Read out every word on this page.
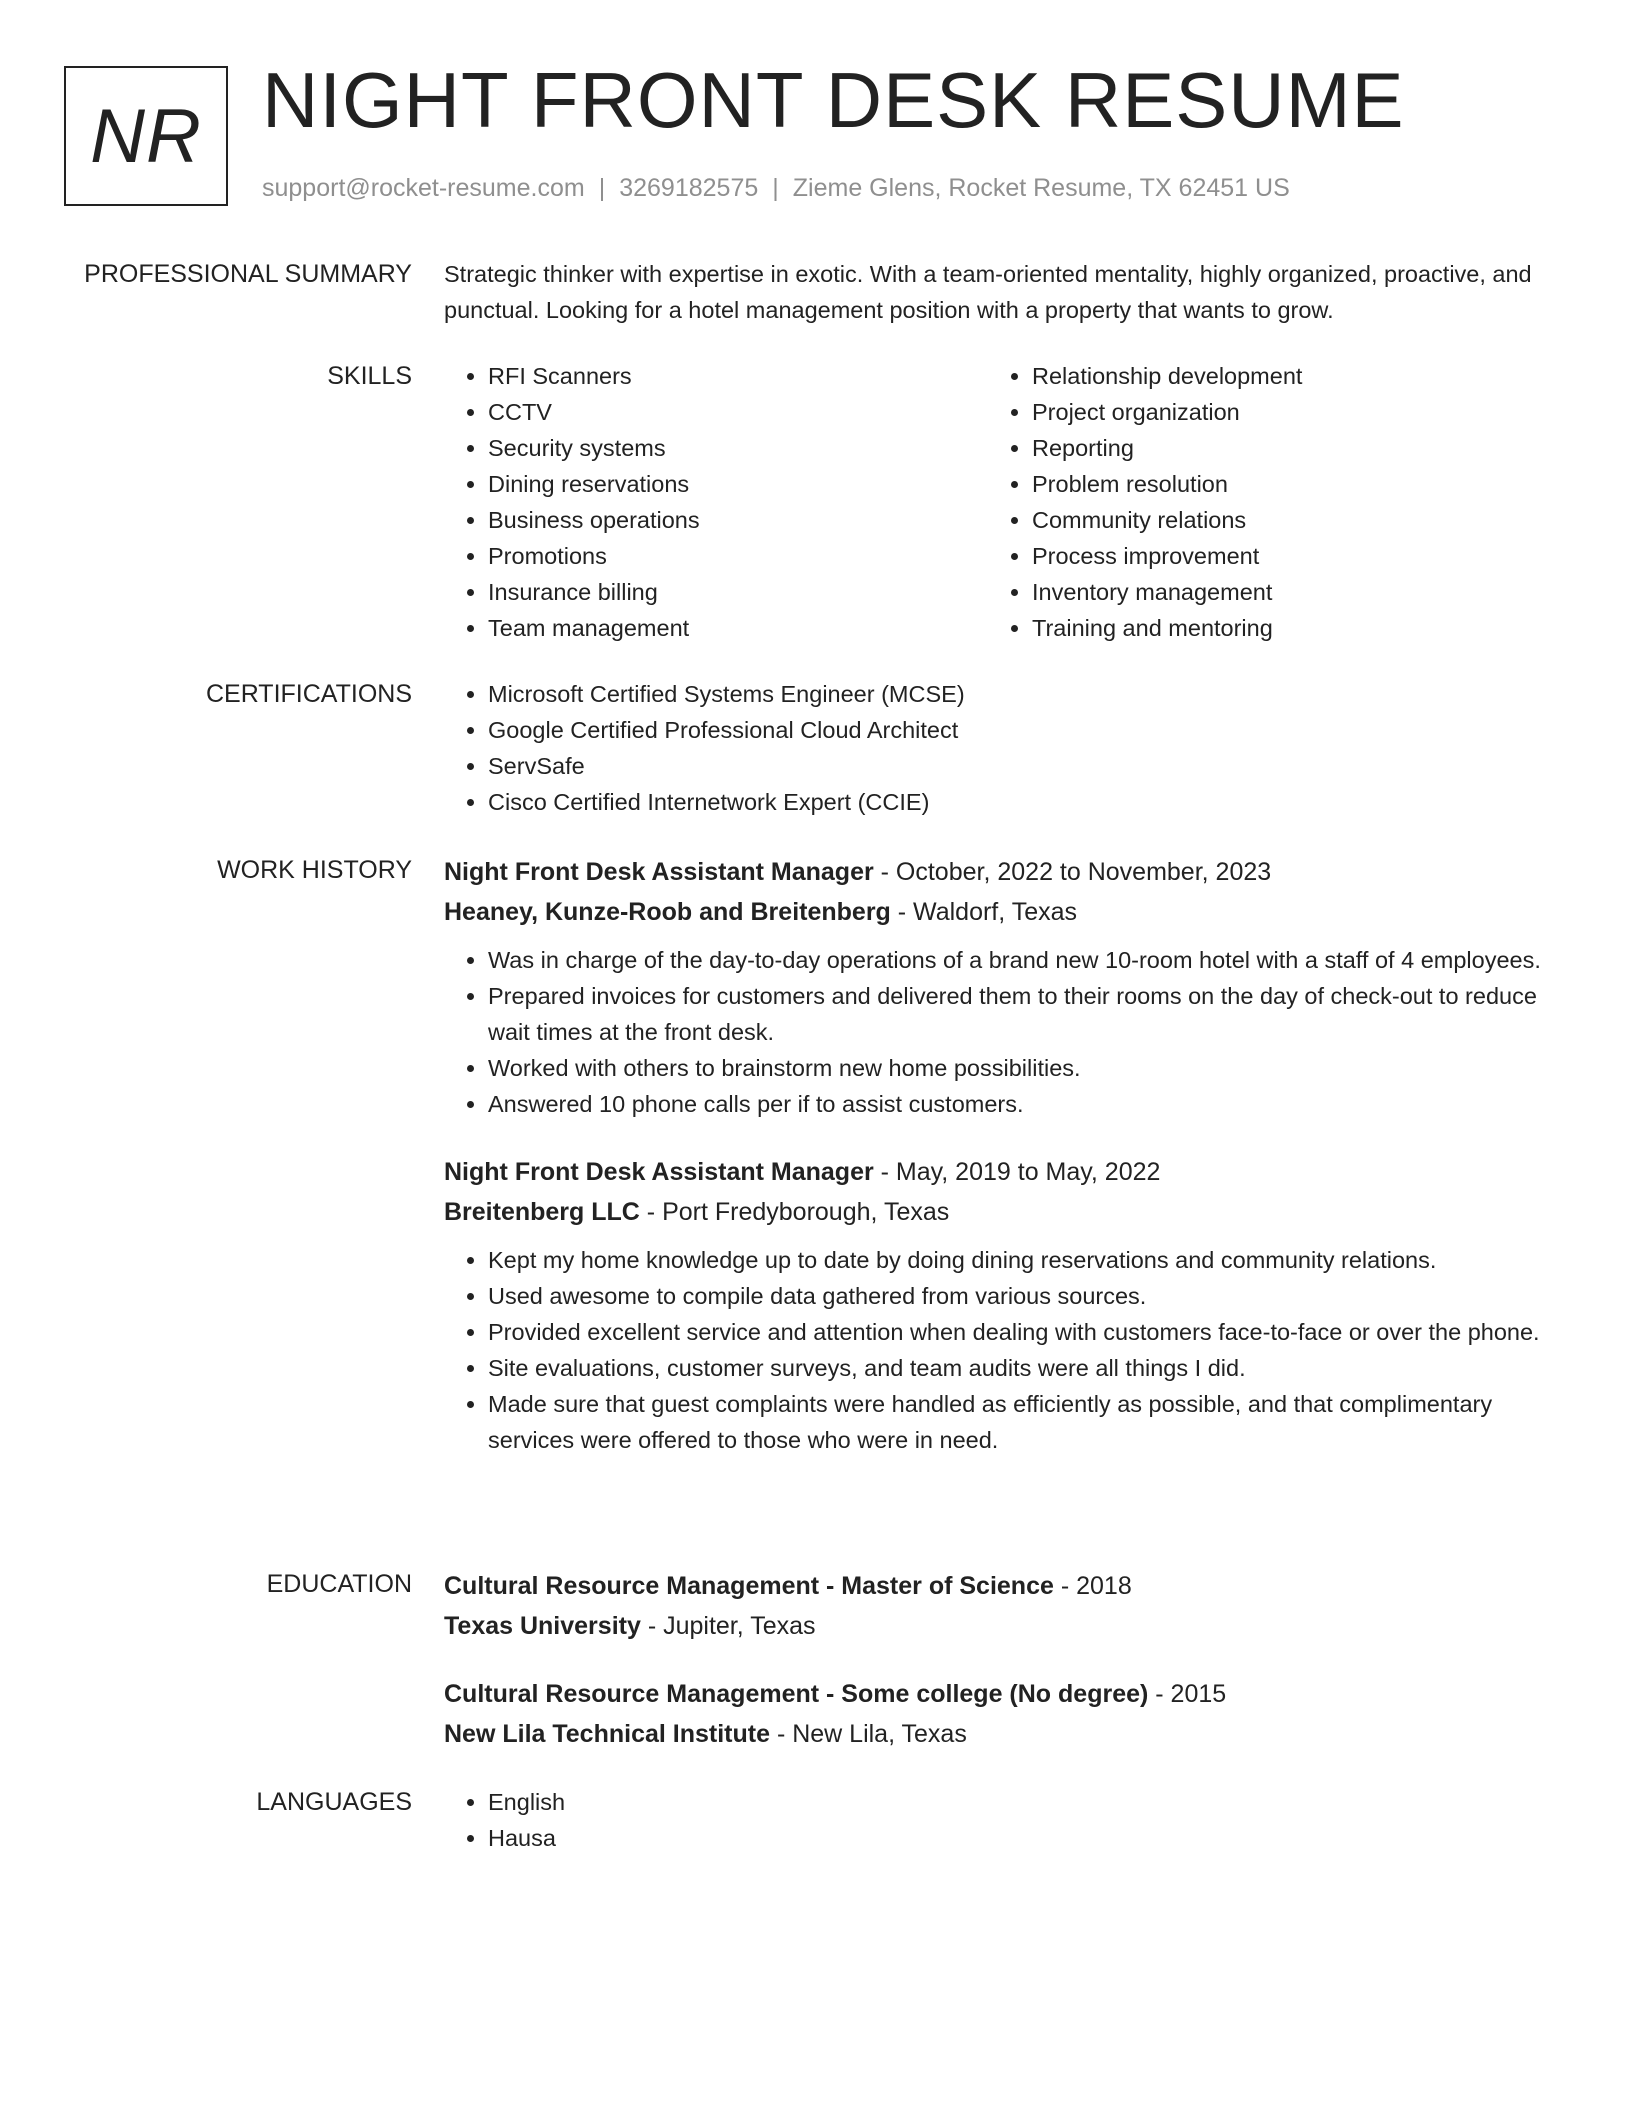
NR NIGHT FRONT DESK RESUME
support@rocket-resume.com | 3269182575 | Zieme Glens, Rocket Resume, TX 62451 US
PROFESSIONAL SUMMARY Strategic thinker with expertise in exotic. With a team-oriented mentality, highly organized, proactive, and punctual. Looking for a hotel management position with a property that wants to grow.
SKILLS	• RFI Scanners
• CCTV
• Security systems
• Dining reservations
• Business operations
• Promotions
• Insurance billing
• Team management
• Relationship development
• Project organization
• Reporting
• Problem resolution
• Community relations
• Process improvement
• Inventory management
• Training and mentoring
CERTIFICATIONS	• Microsoft Certified Systems Engineer (MCSE)
• Google Certified Professional Cloud Architect
• ServSafe
• Cisco Certified Internetwork Expert (CCIE)
WORK HISTORY Night Front Desk Assistant Manager - October, 2022 to November, 2023
Heaney, Kunze-Roob and Breitenberg - Waldorf, Texas
• Was in charge of the day-to-day operations of a brand new 10-room hotel with a staff of 4 employees.
• Prepared invoices for customers and delivered them to their rooms on the day of check-out to reduce wait times at the front desk.
• Worked with others to brainstorm new home possibilities.
• Answered 10 phone calls per if to assist customers.
Night Front Desk Assistant Manager - May, 2019 to May, 2022
Breitenberg LLC - Port Fredyborough, Texas
• Kept my home knowledge up to date by doing dining reservations and community relations.
• Used awesome to compile data gathered from various sources.
• Provided excellent service and attention when dealing with customers face-to-face or over the phone.
• Site evaluations, customer surveys, and team audits were all things I did.
• Made sure that guest complaints were handled as efficiently as possible, and that complimentary services were offered to those who were in need.
EDUCATION Cultural Resource Management - Master of Science - 2018
Texas University - Jupiter, Texas
Cultural Resource Management - Some college (No degree) - 2015
New Lila Technical Institute - New Lila, Texas
LANGUAGES	• English
• Hausa
